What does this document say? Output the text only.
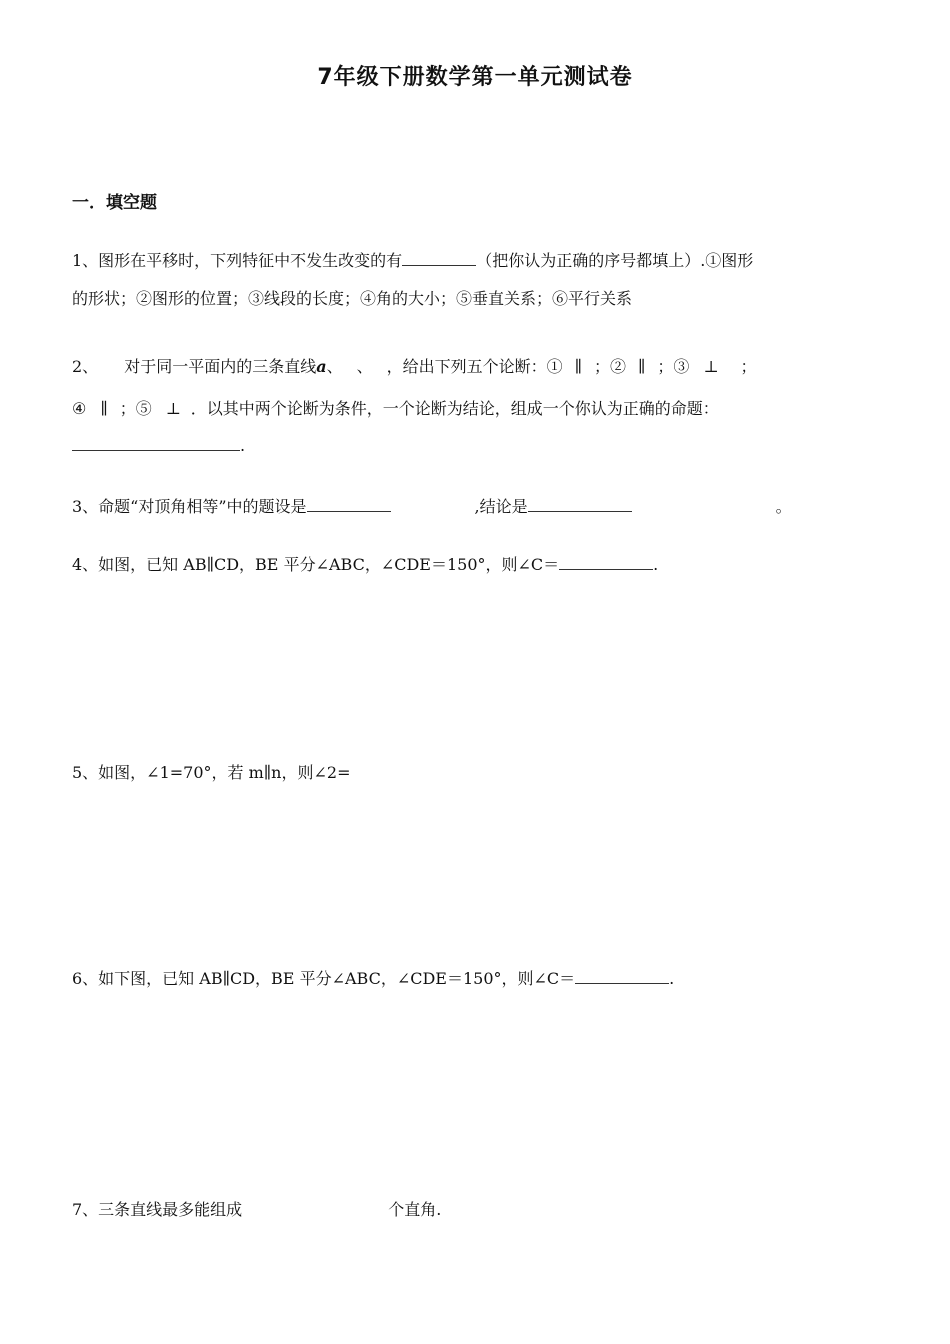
7年级下册数学第一单元测试卷
一．填空题
1、图形在平移时，下列特征中不发生改变的有	（把你认为正确的序号都填上）.①图形
的形状；②图形的位置；③线段的长度；④角的大小；⑤垂直关系；⑥平行关系
2、 对于同一平面内的三条直线a、 、 ，给出下列五个论断：① ∥ ；② ∥ ；③ ⊥ ；
④ ∥ ；⑤ ⊥ ．以其中两个论断为条件，一个论断为结论，组成一个你认为正确的命题：
.
3、命题“对顶角相等”中的题设是	,结论是	。
4、如图，已知 AB∥CD，BE 平分∠ABC，∠CDE＝150°，则∠C＝	.
5、如图，∠1=70°，若 m∥n，则∠2=
6、如下图，已知 AB∥CD，BE 平分∠ABC，∠CDE＝150°，则∠C＝	.
7、三条直线最多能组成	个直角.
